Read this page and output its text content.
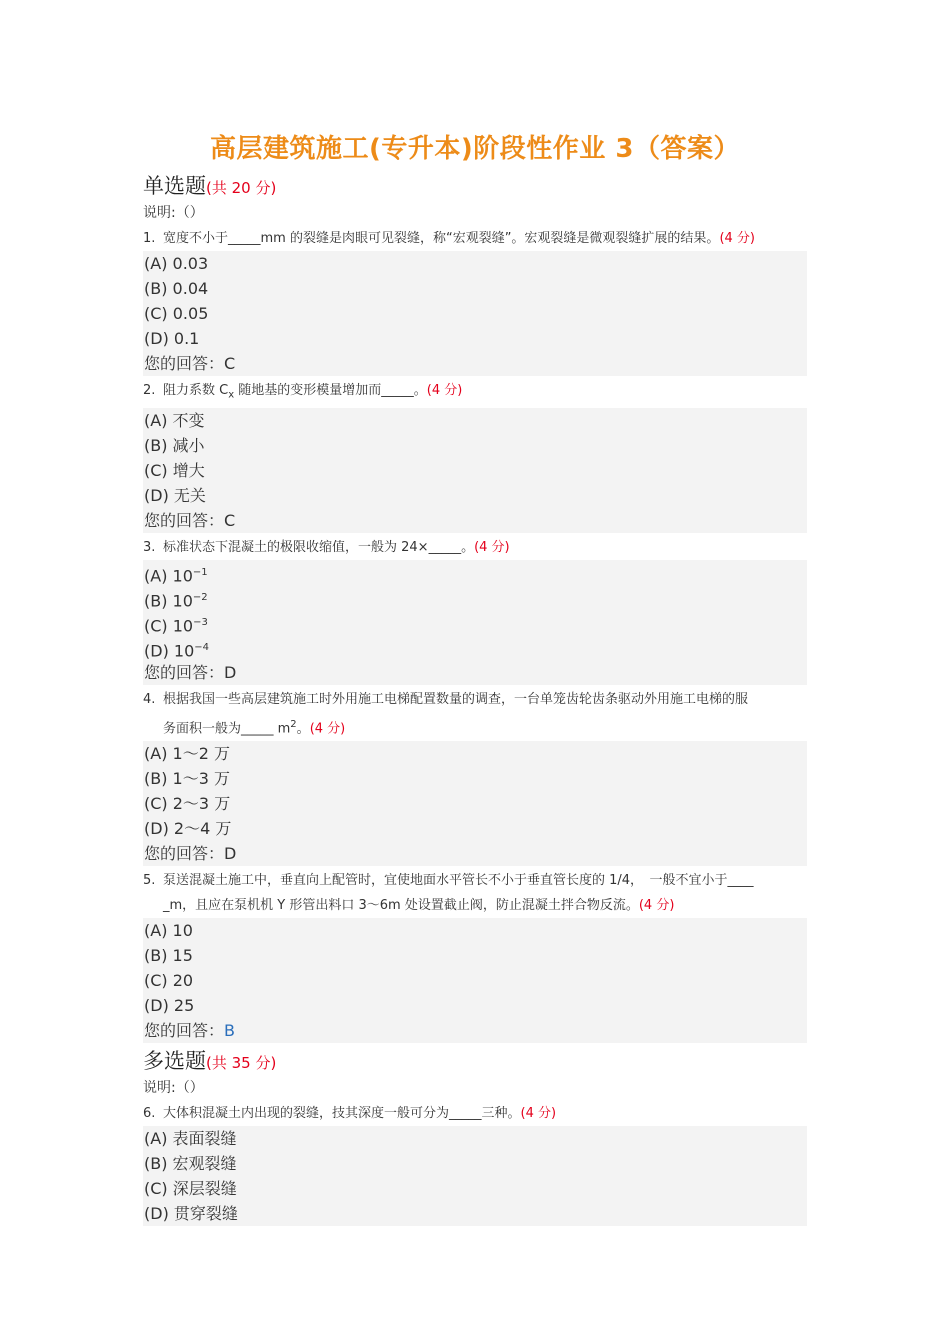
高层建筑施工(专升本)阶段性作业 3（答案）
单选题 (共 20 分)
说明:（）
1. 宽度不小于_____mm 的裂缝是肉眼可见裂缝，称“宏观裂缝”。宏观裂缝是微观裂缝扩展的结果。(4 分)
(A) 0.03
(B) 0.04
(C) 0.05
(D) 0.1
您的回答：C
2. 阻力系数 $C_x$ 随地基的变形模量增加而_____。(4 分)
(A) 不变
(B) 减小
(C) 增大
(D) 无关
您的回答：C
3. 标准状态下混凝土的极限收缩值，一般为 24×_____。(4 分)
(A) $10^{-1}$
(B) $10^{-2}$
(C) $10^{-3}$
(D) $10^{-4}$
您的回答：D
4. 根据我国一些高层建筑施工时外用施工电梯配置数量的调查，一台单笼齿轮齿条驱动外用施工电梯的服
务面积一般为_____ $m^2$。(4 分)
(A) 1～2 万
(B) 1～3 万
(C) 2～3 万
(D) 2～4 万
您的回答：D
5. 泵送混凝土施工中，垂直向上配管时，宜使地面水平管长不小于垂直管长度的 1/4，　一般不宜小于____
_m，且应在泵机机 Y 形管出料口 3～6m 处设置截止阀，防止混凝土拌合物反流。(4 分)
(A) 10
(B) 15
(C) 20
(D) 25
您的回答：B
多选题 (共 35 分)
说明:（）
6. 大体积混凝土内出现的裂缝，技其深度一般可分为_____三种。(4 分)
(A) 表面裂缝
(B) 宏观裂缝
(C) 深层裂缝
(D) 贯穿裂缝
